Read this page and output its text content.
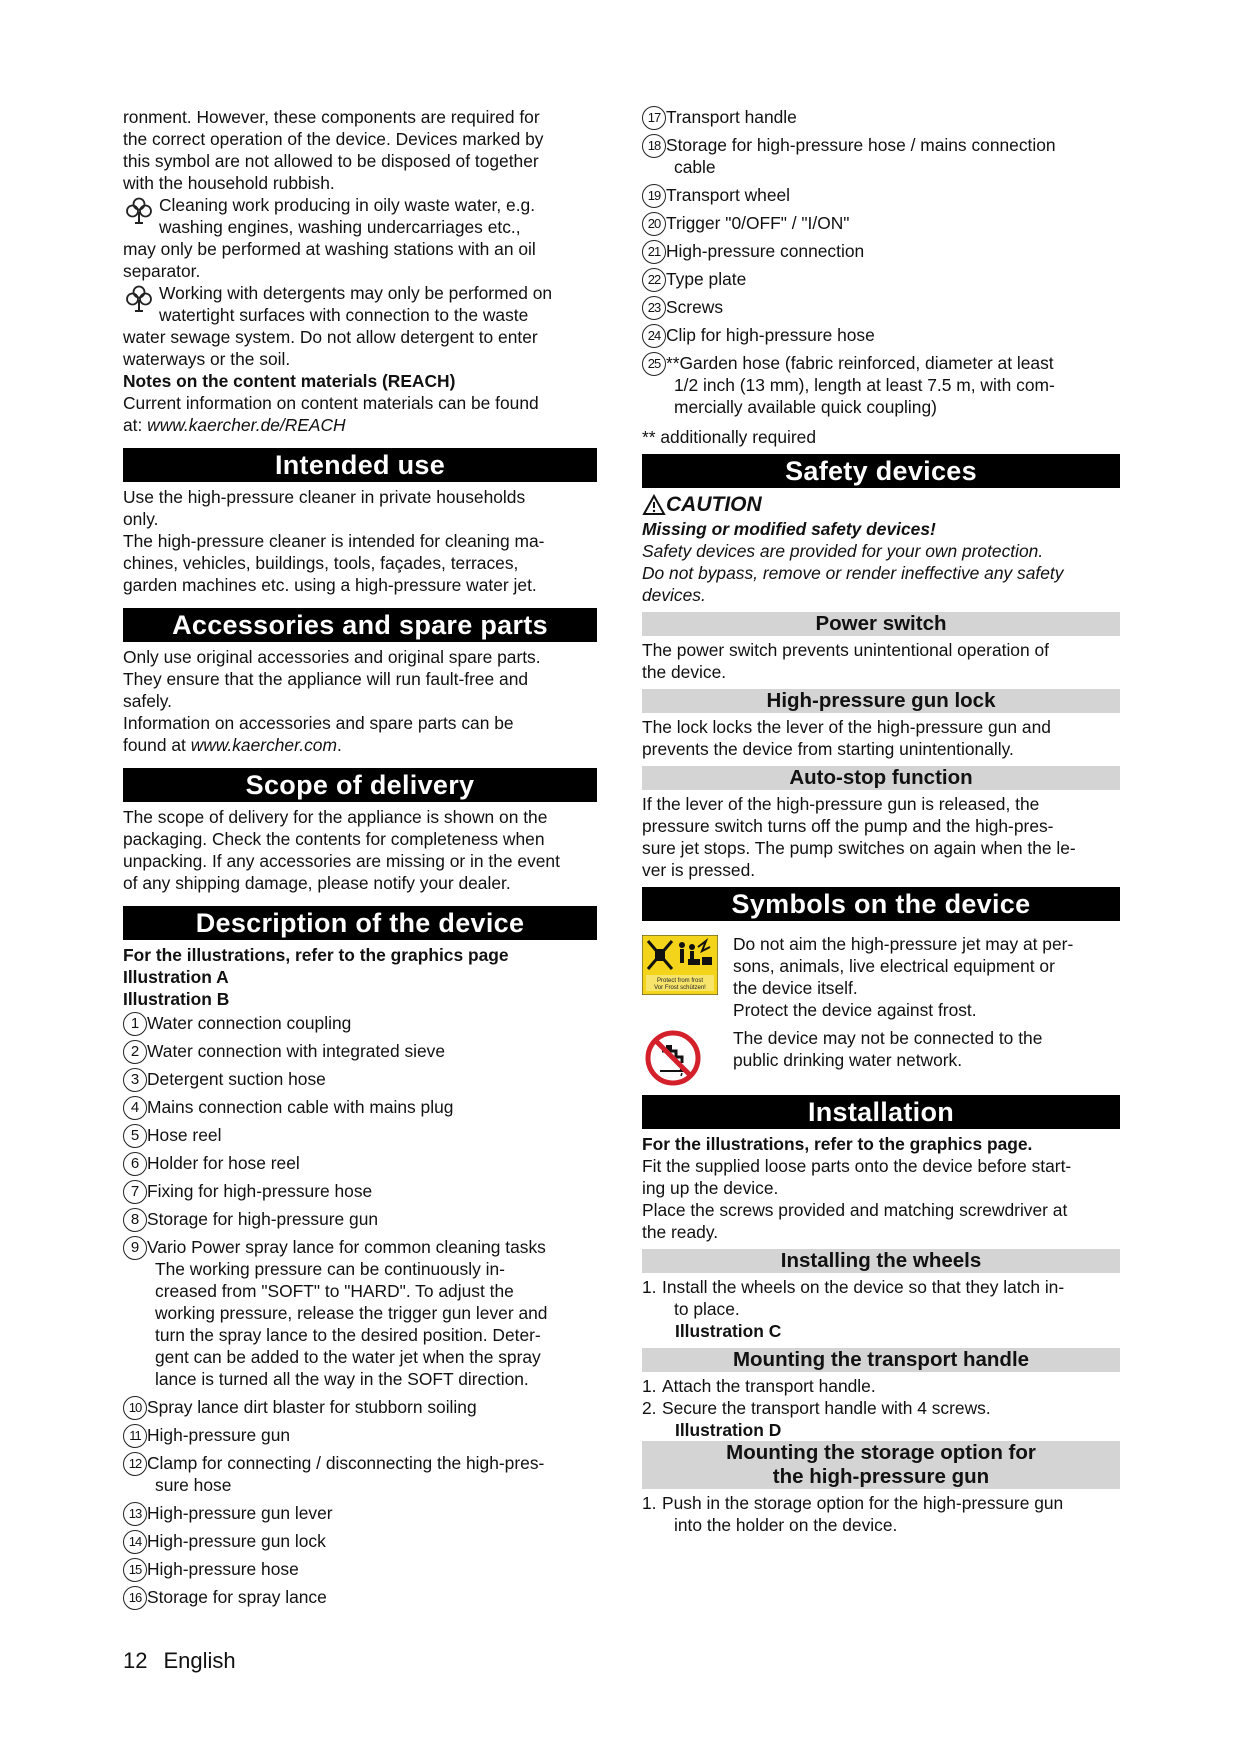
ronment. However, these components are required for
the correct operation of the device. Devices marked by
this symbol are not allowed to be disposed of together
with the household rubbish.
Cleaning work producing in oily waste water, e.g.
washing engines, washing undercarriages etc.,
may only be performed at washing stations with an oil
separator.
Working with detergents may only be performed on
watertight surfaces with connection to the waste
water sewage system. Do not allow detergent to enter
waterways or the soil.
Notes on the content materials (REACH)
Current information on content materials can be found
at: www.kaercher.de/REACH
Intended use
Use the high-pressure cleaner in private households
only.
The high-pressure cleaner is intended for cleaning ma-
chines, vehicles, buildings, tools, façades, terraces,
garden machines etc. using a high-pressure water jet.
Accessories and spare parts
Only use original accessories and original spare parts.
They ensure that the appliance will run fault-free and
safely.
Information on accessories and spare parts can be
found at www.kaercher.com.
Scope of delivery
The scope of delivery for the appliance is shown on the
packaging. Check the contents for completeness when
unpacking. If any accessories are missing or in the event
of any shipping damage, please notify your dealer.
Description of the device
For the illustrations, refer to the graphics page
Illustration A
Illustration B
1 Water connection coupling
2 Water connection with integrated sieve
3 Detergent suction hose
4 Mains connection cable with mains plug
5 Hose reel
6 Holder for hose reel
7 Fixing for high-pressure hose
8 Storage for high-pressure gun
9 Vario Power spray lance for common cleaning tasks
The working pressure can be continuously in-
creased from "SOFT" to "HARD". To adjust the
working pressure, release the trigger gun lever and
turn the spray lance to the desired position. Deter-
gent can be added to the water jet when the spray
lance is turned all the way in the SOFT direction.
10 Spray lance dirt blaster for stubborn soiling
11 High-pressure gun
12 Clamp for connecting / disconnecting the high-pres-
sure hose
13 High-pressure gun lever
14 High-pressure gun lock
15 High-pressure hose
16 Storage for spray lance
17 Transport handle
18 Storage for high-pressure hose / mains connection
cable
19 Transport wheel
20 Trigger "0/OFF" / "I/ON"
21 High-pressure connection
22 Type plate
23 Screws
24 Clip for high-pressure hose
25 **Garden hose (fabric reinforced, diameter at least
1/2 inch (13 mm), length at least 7.5 m, with com-
mercially available quick coupling)
** additionally required
Safety devices
CAUTION
Missing or modified safety devices!
Safety devices are provided for your own protection.
Do not bypass, remove or render ineffective any safety
devices.
Power switch
The power switch prevents unintentional operation of
the device.
High-pressure gun lock
The lock locks the lever of the high-pressure gun and
prevents the device from starting unintentionally.
Auto-stop function
If the lever of the high-pressure gun is released, the
pressure switch turns off the pump and the high-pres-
sure jet stops. The pump switches on again when the le-
ver is pressed.
Symbols on the device
Protect from frost
Vor Frost schützen!
Do not aim the high-pressure jet may at per-
sons, animals, live electrical equipment or
the device itself.
Protect the device against frost.
The device may not be connected to the
public drinking water network.
Installation
For the illustrations, refer to the graphics page.
Fit the supplied loose parts onto the device before start-
ing up the device.
Place the screws provided and matching screwdriver at
the ready.
Installing the wheels
1. Install the wheels on the device so that they latch in-
to place.
Illustration C
Mounting the transport handle
1. Attach the transport handle.
2. Secure the transport handle with 4 screws.
Illustration D
Mounting the storage option for
the high-pressure gun
1. Push in the storage option for the high-pressure gun
into the holder on the device.
12 English
